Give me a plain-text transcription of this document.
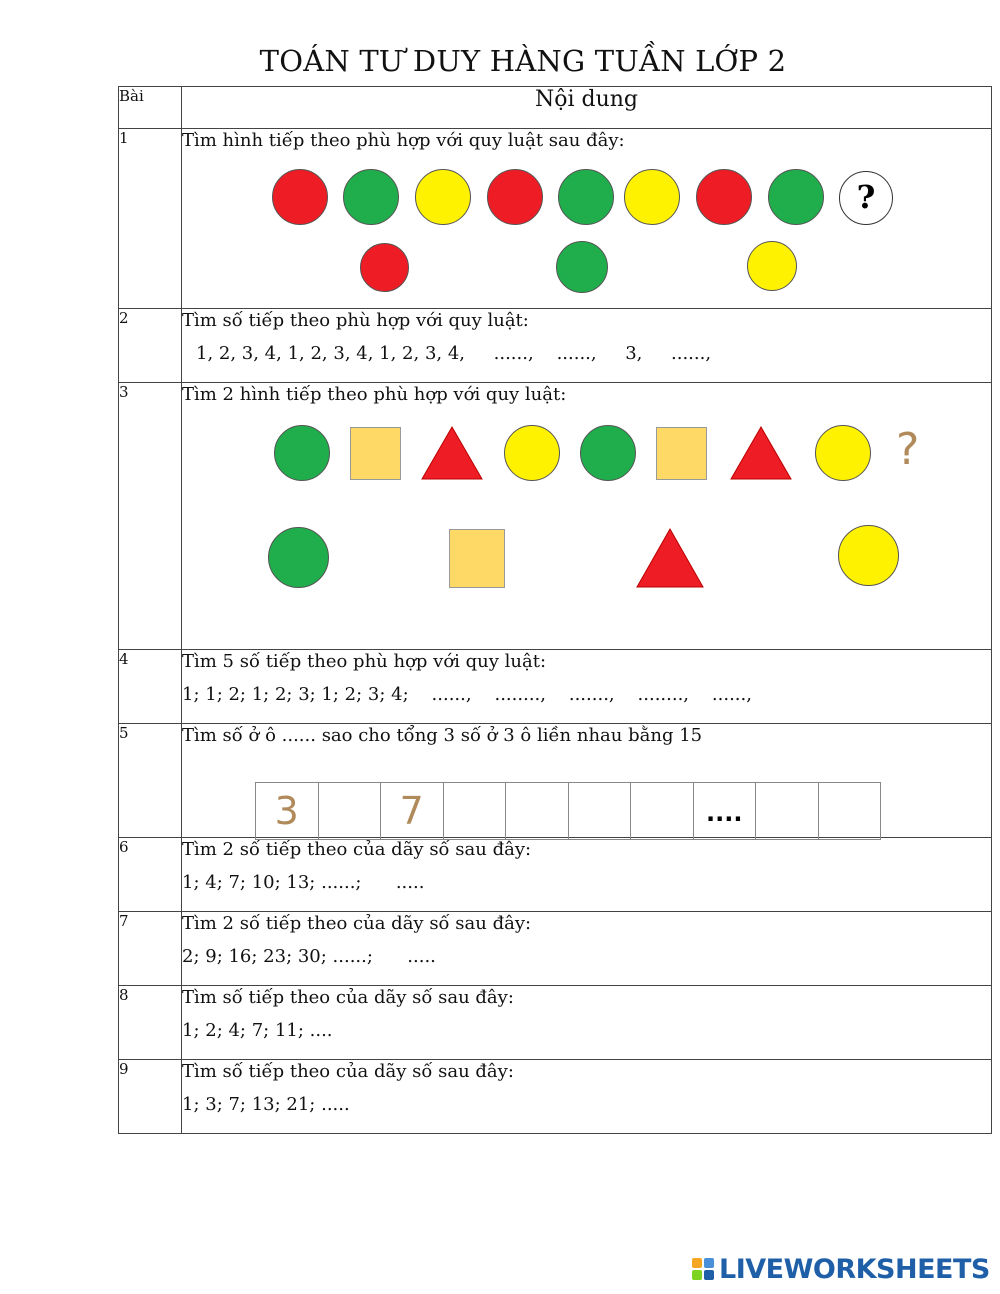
TOÁN TƯ DUY HÀNG TUẦN LỚP 2
Bài	Nội dung
1	Tìm hình tiếp theo phù hợp với quy luật sau đây:
?

2	Tìm số tiếp theo phù hợp với quy luật:
1, 2, 3, 4, 1, 2, 3, 4, 1, 2, 3, 4,     ......,    ......,     3,     ......,

3	Tìm 2 hình tiếp theo phù hợp với quy luật:
?

4	Tìm 5 số tiếp theo phù hợp với quy luật:
1; 1; 2; 1; 2; 3; 1; 2; 3; 4;    ......,    ........,    .......,    ........,    ......,

5	Tìm số ở ô ...... sao cho tổng 3 số ở 3 ô liền nhau bằng 15
3 7 ....

6	Tìm 2 số tiếp theo của dãy số sau đây:
1; 4; 7; 10; 13; ......;      .....

7	Tìm 2 số tiếp theo của dãy số sau đây:
2; 9; 16; 23; 30; ......;      .....

8	Tìm số tiếp theo của dãy số sau đây:
1; 2; 4; 7; 11; ....

9	Tìm số tiếp theo của dãy số sau đây:
1; 3; 7; 13; 21; .....
LIVEWORKSHEETS
